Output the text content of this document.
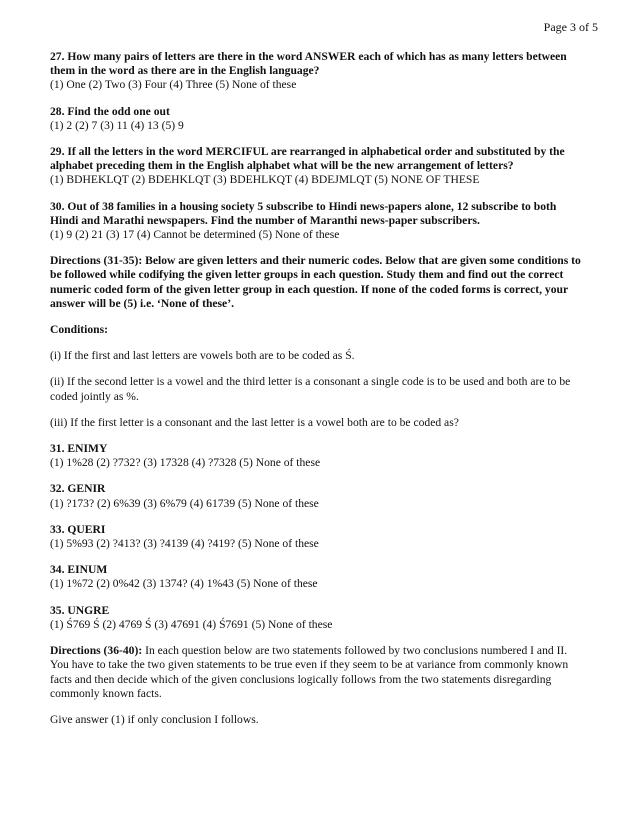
Page 3 of 5
27. How many pairs of letters are there in the word ANSWER each of which has as many letters between them in the word as there are in the English language?
(1) One (2) Two (3) Four (4) Three (5) None of these
28. Find the odd one out
(1) 2 (2) 7 (3) 11 (4) 13 (5) 9
29. If all the letters in the word MERCIFUL are rearranged in alphabetical order and substituted by the alphabet preceding them in the English alphabet what will be the new arrangement of letters?
(1) BDHEKLQT (2) BDEHKLQT (3) BDEHLKQT (4) BDEJMLQT (5) NONE OF THESE
30. Out of 38 families in a housing society 5 subscribe to Hindi news-papers alone, 12 subscribe to both Hindi and Marathi newspapers. Find the number of Maranthi news-paper subscribers.
(1) 9 (2) 21 (3) 17 (4) Cannot be determined (5) None of these
Directions (31-35): Below are given letters and their numeric codes. Below that are given some conditions to be followed while codifying the given letter groups in each question. Study them and find out the correct numeric coded form of the given letter group in each question. If none of the coded forms is correct, your answer will be (5) i.e. ‘None of these’.
Conditions:
(i) If the first and last letters are vowels both are to be coded as Ś.
(ii) If the second letter is a vowel and the third letter is a consonant a single code is to be used and both are to be coded jointly as %.
(iii) If the first letter is a consonant and the last letter is a vowel both are to be coded as?
31. ENIMY
(1) 1%28 (2) ?732? (3) 17328 (4) ?7328 (5) None of these
32. GENIR
(1) ?173? (2) 6%39 (3) 6%79 (4) 61739 (5) None of these
33. QUERI
(1) 5%93 (2) ?413? (3) ?4139 (4) ?419? (5) None of these
34. EINUM
(1) 1%72 (2) 0%42 (3) 1374? (4) 1%43 (5) None of these
35. UNGRE
(1) Ś769 Ś (2) 4769 Ś (3) 47691 (4) Ś7691 (5) None of these

Directions (36-40): In each question below are two statements followed by two conclusions numbered I and II. You have to take the two given statements to be true even if they seem to be at variance from commonly known facts and then decide which of the given conclusions logically follows from the two statements disregarding commonly known facts.

Give answer (1) if only conclusion I follows.
